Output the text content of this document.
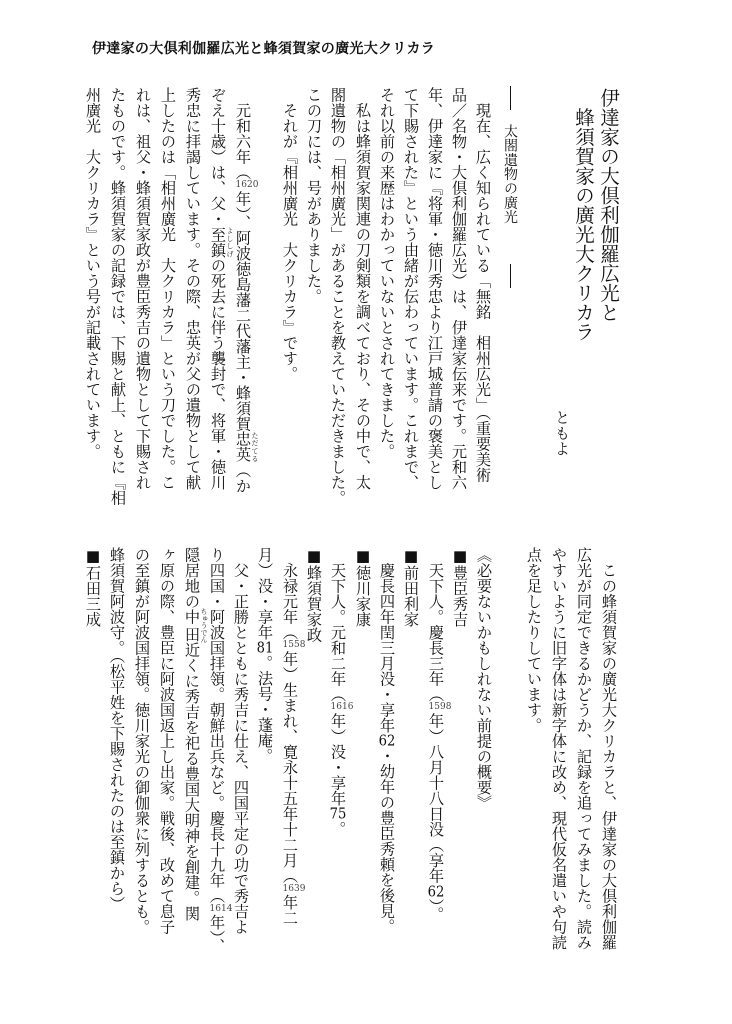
伊達家の大倶利伽羅広光と蜂須賀家の廣光大クリカラ
伊達家の大倶利伽羅広光と
　蜂須賀家の廣光大クリカラ
ともよ
太閤遺物の廣光
　現在、広く知られている「無銘　相州広光」（重要美術
品／名物・大倶利伽羅広光）は、伊達家伝来です。元和六
年、伊達家に『将軍・徳川秀忠より江戸城普請の褒美とし
て下賜された』という由緒が伝わっています。これまで、
それ以前の来歴はわかっていないとされてきました。
　私は蜂須賀家関連の刀剣類を調べており、その中で、太
閤遺物の「相州廣光」があることを教えていただきました。
この刀には、号がありました。
　それが『相州廣光　大クリカラ』です。
　元和六年（1620年）、阿波徳島藩二代藩主・蜂須賀忠英 ただてる（か
ぞえ十歳）は、父・至鎮 よししげの死去に伴う襲封で、将軍・徳川
秀忠に拝謁しています。その際、忠英が父の遺物として献
上したのは「相州廣光　大クリカラ」という刀でした。こ
れは、祖父・蜂須賀家政が豊臣秀吉の遺物として下賜され
たものです。蜂須賀家の記録では、下賜と献上、ともに『相
州廣光　大クリカラ』という号が記載されています。
　この蜂須賀家の廣光大クリカラと、伊達家の大倶利伽羅
広光が同定できるかどうか、記録を追ってみました。読み
やすいように旧字体は新字体に改め、現代仮名遣いや句読
点を足したりしています。
《必要ないかもしれない前提の概要》
■豊臣秀吉
　天下人。慶長三年（1598年）八月十八日没（享年62）。
■前田利家
　慶長四年閏三月没・享年62・幼年の豊臣秀頼を後見。
■徳川家康
　天下人。元和二年（1616年）没・享年75。
■蜂須賀家政
　永禄元年（1558年）生まれ、寛永十五年十二月（1639年二
月）没・享年81。法号・蓬庵。
　父・正勝とともに秀吉に仕え、四国平定の功で秀吉よ
り四国・阿波国拝領。朝鮮出兵など。慶長十九年（1614年）、
隠居地の中田 ちゅうでん近くに秀吉を祀る豊国大明神を創建。関
ヶ原の際、豊臣に阿波国返上し出家。戦後、改めて息子
の至鎮が阿波国拝領。徳川家光の御伽衆に列するとも。
蜂須賀阿波守。（松平姓を下賜されたのは至鎮から）
■石田三成
